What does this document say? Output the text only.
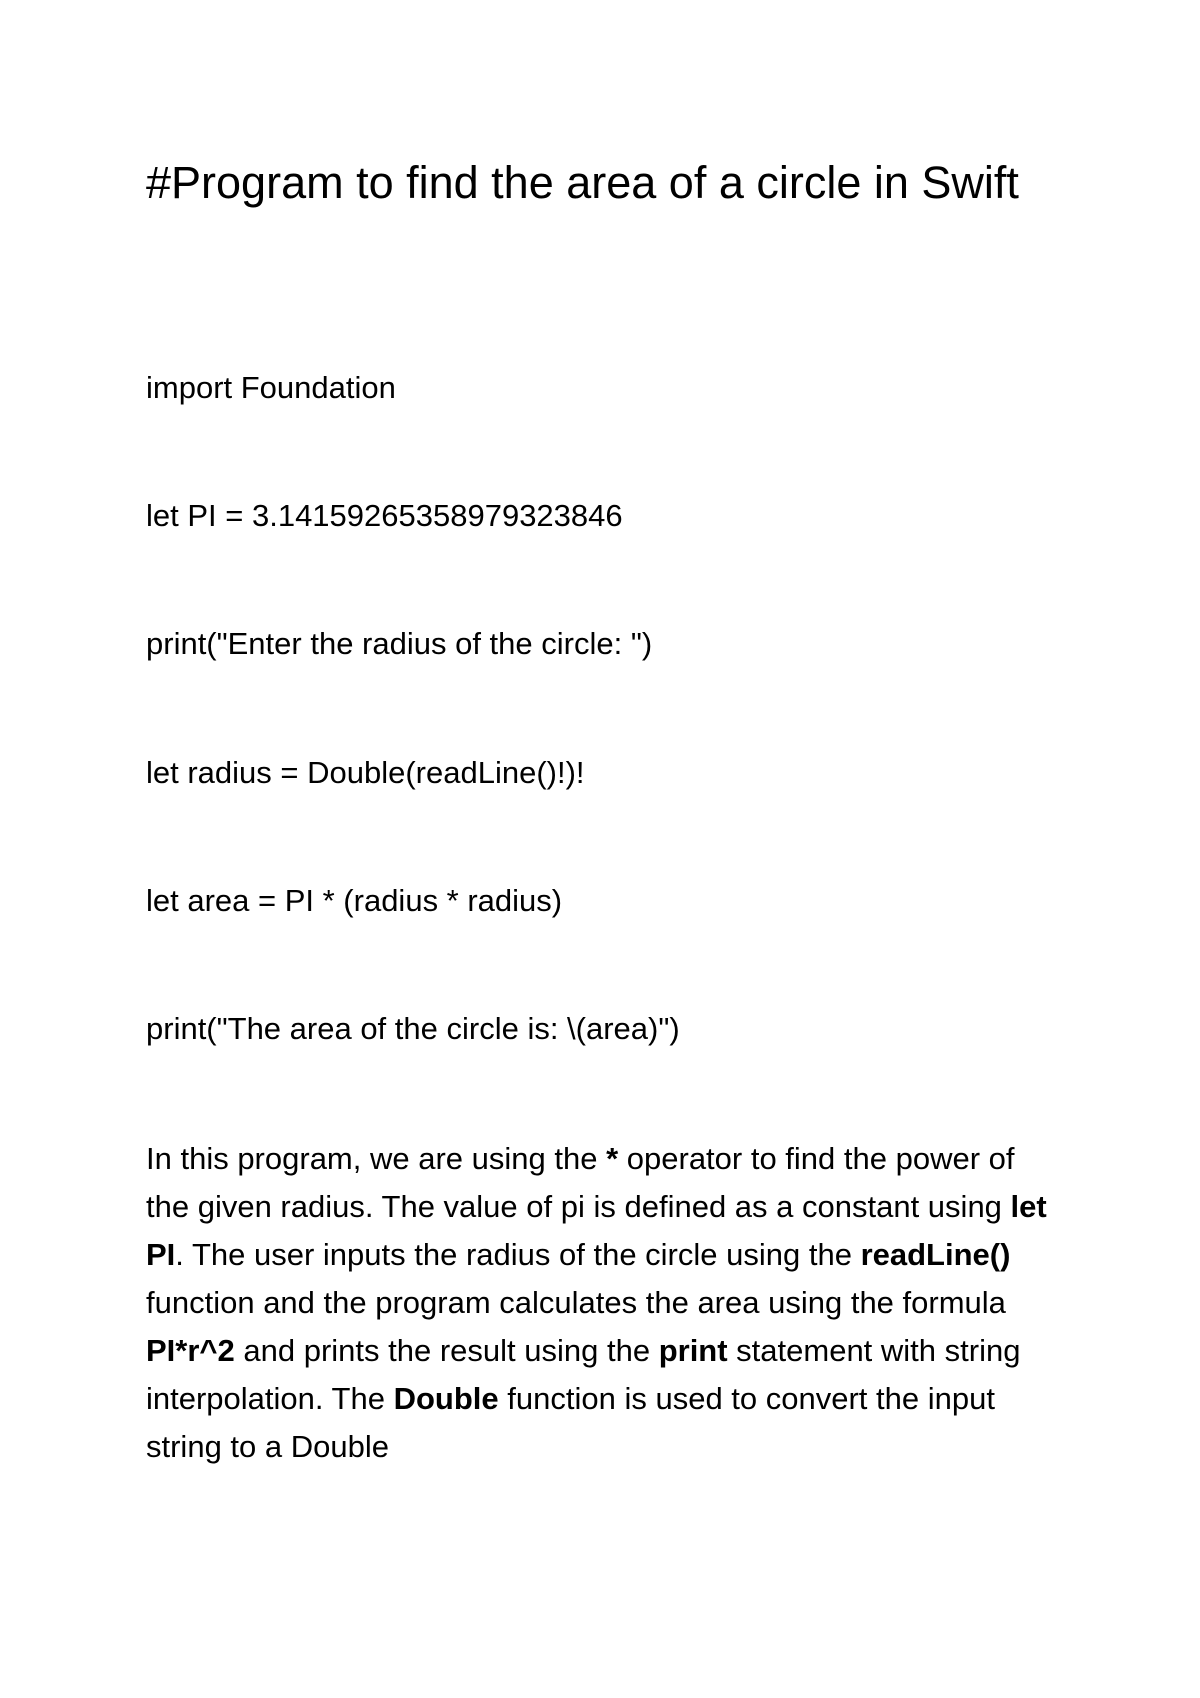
#Program to find the area of a circle in Swift

import Foundation

let PI = 3.14159265358979323846

print("Enter the radius of the circle: ")

let radius = Double(readLine()!)!

let area = PI * (radius * radius)

print("The area of the circle is: \(area)")

In this program, we are using the * operator to find the power of the given radius. The value of pi is defined as a constant using let PI. The user inputs the radius of the circle using the readLine() function and the program calculates the area using the formula PI*r^2 and prints the result using the print statement with string interpolation. The Double function is used to convert the input string to a Double
